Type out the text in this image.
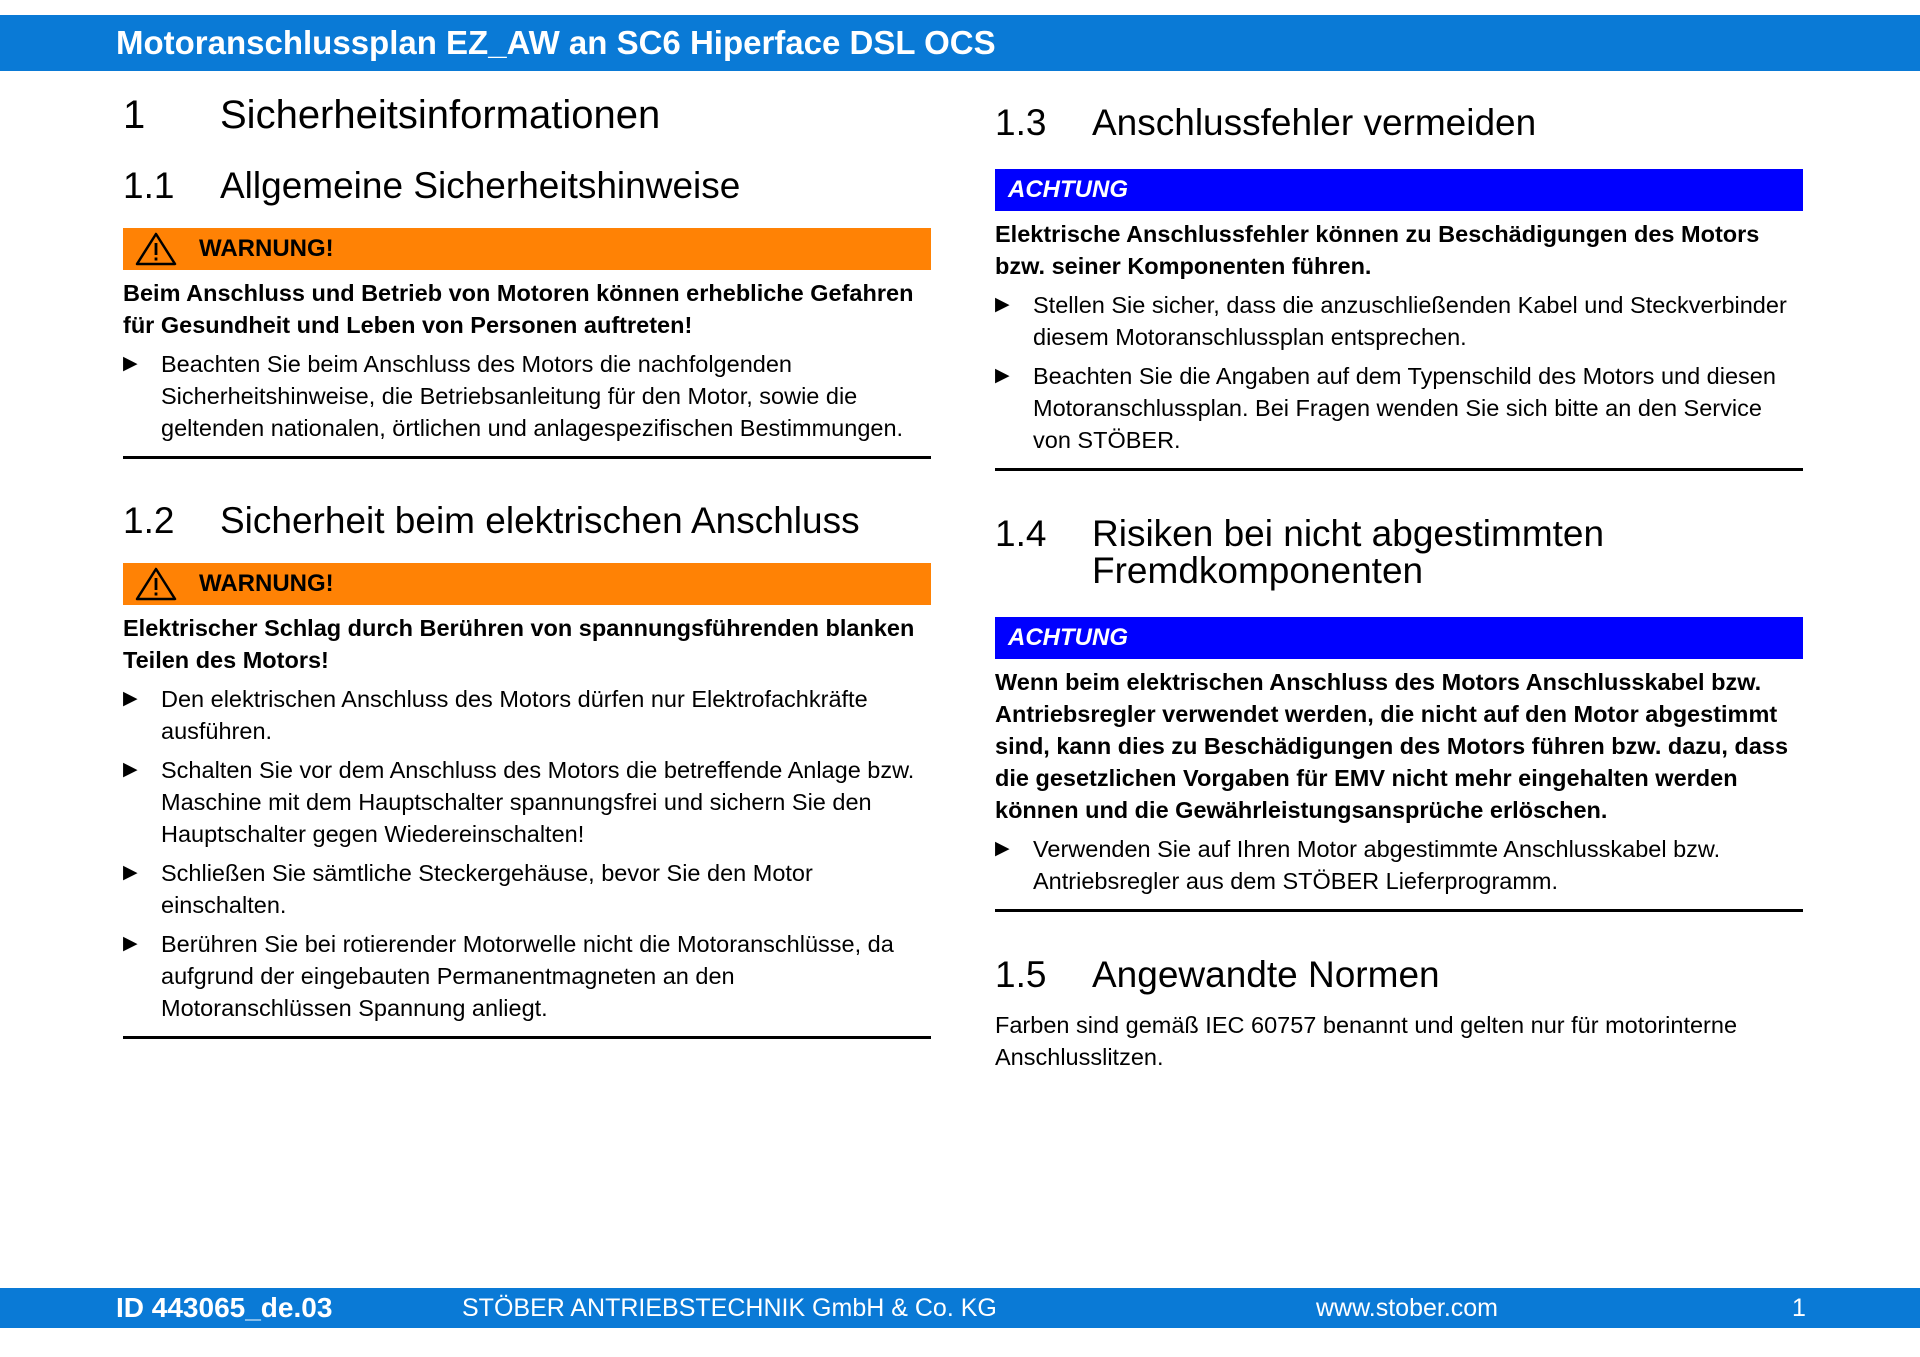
Motoranschlussplan EZ_AW an SC6 Hiperface DSL OCS
1	Sicherheitsinformationen
1.1	Allgemeine Sicherheitshinweise
WARNUNG!
Beim Anschluss und Betrieb von Motoren können erhebliche Gefahren für Gesundheit und Leben von Personen auftreten!
▶ Beachten Sie beim Anschluss des Motors die nachfolgenden Sicherheitshinweise, die Betriebsanleitung für den Motor, sowie die geltenden nationalen, örtlichen und anlagespezifischen Bestimmungen.
1.2	Sicherheit beim elektrischen Anschluss
WARNUNG!
Elektrischer Schlag durch Berühren von spannungsführenden blanken Teilen des Motors!
▶ Den elektrischen Anschluss des Motors dürfen nur Elektrofachkräfte ausführen.
▶ Schalten Sie vor dem Anschluss des Motors die betreffende Anlage bzw. Maschine mit dem Hauptschalter spannungsfrei und sichern Sie den Hauptschalter gegen Wiedereinschalten!
▶ Schließen Sie sämtliche Steckergehäuse, bevor Sie den Motor einschalten.
▶ Berühren Sie bei rotierender Motorwelle nicht die Motoranschlüsse, da aufgrund der eingebauten Permanentmagneten an den Motoranschlüssen Spannung anliegt.
1.3	Anschlussfehler vermeiden
ACHTUNG
Elektrische Anschlussfehler können zu Beschädigungen des Motors bzw. seiner Komponenten führen.
▶ Stellen Sie sicher, dass die anzuschließenden Kabel und Steckverbinder diesem Motoranschlussplan entsprechen.
▶ Beachten Sie die Angaben auf dem Typenschild des Motors und diesen Motoranschlussplan. Bei Fragen wenden Sie sich bitte an den Service von STÖBER.
1.4	Risiken bei nicht abgestimmten
Fremdkomponenten
ACHTUNG
Wenn beim elektrischen Anschluss des Motors Anschlusskabel bzw. Antriebsregler verwendet werden, die nicht auf den Motor abgestimmt sind, kann dies zu Beschädigungen des Motors führen bzw. dazu, dass die gesetzlichen Vorgaben für EMV nicht mehr eingehalten werden können und die Gewährleistungsansprüche erlöschen.
▶ Verwenden Sie auf Ihren Motor abgestimmte Anschlusskabel bzw. Antriebsregler aus dem STÖBER Lieferprogramm.
1.5	Angewandte Normen
Farben sind gemäß IEC 60757 benannt und gelten nur für motorinterne Anschlusslitzen.
ID 443065_de.03	STÖBER ANTRIEBSTECHNIK GmbH & Co. KG	www.stober.com	1
